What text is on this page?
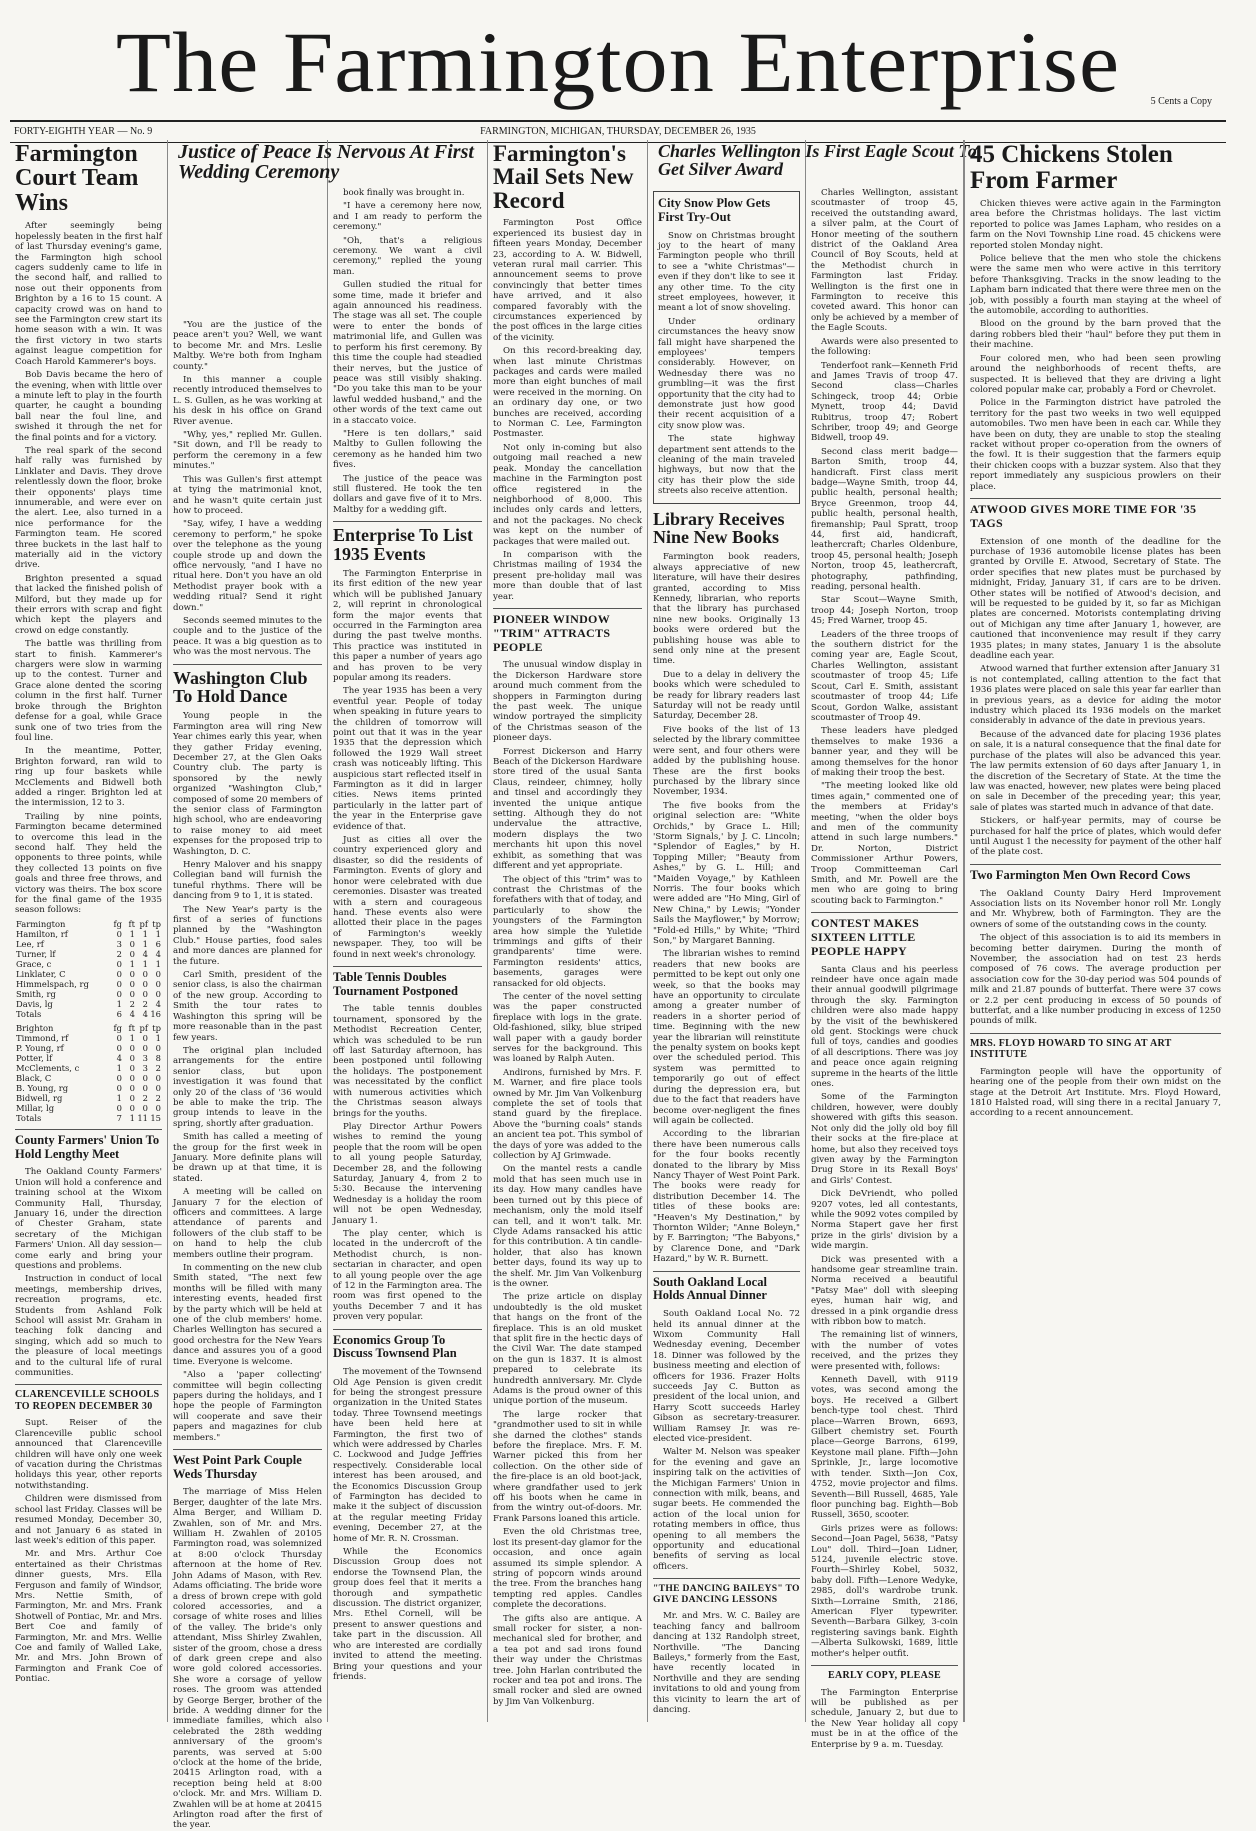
The Farmington Enterprise	5 Cents a Copy
FORTY-EIGHTH YEAR — No. 9	FARMINGTON, MICHIGAN, THURSDAY, DECEMBER 26, 1935
Farmington Court Team Wins

After seemingly being hopelessly beaten in the first half of last Thursday evening's game, the Farmington high school cagers suddenly came to life in the second half, and rallied to nose out their opponents from Brighton by a 16 to 15 count. A capacity crowd was on hand to see the Farmington crew start its home season with a win. It was the first victory in two starts against league competition for Coach Harold Kammerer's boys.

Bob Davis became the hero of the evening, when with little over a minute left to play in the fourth quarter, he caught a bounding ball near the foul line, and swished it through the net for the final points and for a victory.

The real spark of the second half rally was furnished by Linklater and Davis. They drove relentlessly down the floor, broke their opponents' plays time innumerable, and were ever on the alert. Lee, also turned in a nice performance for the Farmington team. He scored three buckets in the last half to materially aid in the victory drive.

Brighton presented a squad that lacked the finished polish of Milford, but they made up for their errors with scrap and fight which kept the players and crowd on edge constantly.

The battle was thrilling from start to finish. Kammerer's chargers were slow in warming up to the contest. Turner and Grace alone dented the scoring column in the first half. Turner broke through the Brighton defense for a goal, while Grace sunk one of two tries from the foul line.

In the meantime, Potter, Brighton forward, ran wild to ring up four baskets while McClements and Bidwell both added a ringer. Brighton led at the intermission, 12 to 3.

Trailing by nine points, Farmington became determined to overcome this lead in the second half. They held the opponents to three points, while they collected 13 points on five goals and three free throws, and victory was theirs. The box score for the final game of the 1935 season follows:

Farmington	fg	ft	pf	tp
Hamilton, rf	0	1	1	1
Lee, rf	3	0	1	6
Turner, lf	2	0	4	4
Grace, c	0	1	1	1
Linklater, C	0	0	0	0
Himmelspach, rg	0	0	0	0
Smith, rg	0	0	0	0
Davis, lg	1	2	2	4
Totals	6	4	4	16
Brighton	fg	ft	pf	tp
Timmond, rf	0	1	0	1
P. Young, rf	0	0	0	0
Potter, lf	4	0	3	8
McClements, c	1	0	3	2
Black, C	0	0	0	0
B. Young, rg	0	0	0	0
Bidwell, rg	1	0	2	2
Millar, lg	0	0	0	0
Totals	7	1	11	15
County Farmers' Union To Hold Lengthy Meet

The Oakland County Farmers' Union will hold a conference and training school at the Wixom Community Hall, Thursday, January 16, under the direction of Chester Graham, state secretary of the Michigan Farmers' Union. All day session—come early and bring your questions and problems.

Instruction in conduct of local meetings, membership drives, recreation programs, etc. Students from Ashland Folk School will assist Mr. Graham in teaching folk dancing and singing, which add so much to the pleasure of local meetings and to the cultural life of rural communities.

CLARENCEVILLE SCHOOLS TO REOPEN DECEMBER 30

Supt. Reiser of the Clarenceville public school announced that Clarenceville children will have only one week of vacation during the Christmas holidays this year, other reports notwithstanding.

Children were dismissed from school last Friday. Classes will be resumed Monday, December 30, and not January 6 as stated in last week's edition of this paper.

Mr. and Mrs. Arthur Coe entertained as their Christmas dinner guests, Mrs. Ella Ferguson and family of Windsor, Mrs. Nettie Smith, of Farmington, Mr. and Mrs. Frank Shotwell of Pontiac, Mr. and Mrs. Bert Coe and family of Farmington, Mr. and Mrs. Wellie Coe and family of Walled Lake, Mr. and Mrs. John Brown of Farmington and Frank Coe of Pontiac.

"You are the justice of the peace aren't you? Well, we want to become Mr. and Mrs. Leslie Maltby. We're both from Ingham county."

In this manner a couple recently introduced themselves to L. S. Gullen, as he was working at his desk in his office on Grand River avenue.

"Why, yes," replied Mr. Gullen. "Sit down, and I'll be ready to perform the ceremony in a few minutes."

This was Gullen's first attempt at tying the matrimonial knot, and he wasn't quite certain just how to proceed.

"Say, wifey, I have a wedding ceremony to perform," he spoke over the telephone as the young couple strode up and down the office nervously, "and I have no ritual here. Don't you have an old Methodist prayer book with a wedding ritual? Send it right down."

Seconds seemed minutes to the couple and to the justice of the peace. It was a big question as to who was the most nervous. The

Washington Club To Hold Dance

Young people in the Farmington area will ring New Year chimes early this year, when they gather Friday evening, December 27, at the Glen Oaks Country club. The party is sponsored by the newly organized "Washington Club," composed of some 20 members of the senior class of Farmington high school, who are endeavoring to raise money to aid meet expenses for the proposed trip to Washington, D. C.

Henry Malover and his snappy Collegian band will furnish the tuneful rhythms. There will be dancing from 9 to 1, it is stated.

The New Year's party is the first of a series of functions planned by the "Washington Club." House parties, food sales and more dances are planned for the future.

Carl Smith, president of the senior class, is also the chairman of the new group. According to Smith the tour rates to Washington this spring will be more reasonable than in the past few years.

The original plan included arrangements for the entire senior class, but upon investigation it was found that only 20 of the class of '36 would be able to make the trip. The group intends to leave in the spring, shortly after graduation.

Smith has called a meeting of the group for the first week in January. More definite plans will be drawn up at that time, it is stated.

A meeting will be called on January 7 for the election of officers and committees. A large attendance of parents and followers of the club staff to be on hand to help the club members outline their program.

In commenting on the new club Smith stated, "The next few months will be filled with many interesting events, headed first by the party which will be held at one of the club members' home. Charles Wellington has secured a good orchestra for the New Years dance and assures you of a good time. Everyone is welcome.

"Also a 'paper collecting' committee will begin collecting papers during the holidays, and I hope the people of Farmington will cooperate and save their papers and magazines for club members."

West Point Park Couple Weds Thursday

The marriage of Miss Helen Berger, daughter of the late Mrs. Alma Berger, and William D. Zwahlen, son of Mr. and Mrs. William H. Zwahlen of 20105 Farmington road, was solemnized at 8:00 o'clock Thursday afternoon at the home of Rev. John Adams of Mason, with Rev. Adams officiating. The bride wore a dress of brown crepe with gold colored accessories, and a corsage of white roses and lilies of the valley. The bride's only attendant, Miss Shirley Zwahlen, sister of the groom, chose a dress of dark green crepe and also wore gold colored accessories. She wore a corsage of yellow roses. The groom was attended by George Berger, brother of the bride. A wedding dinner for the immediate families, which also celebrated the 28th wedding anniversary of the groom's parents, was served at 5:00 o'clock at the home of the bride, 20415 Arlington road, with a reception being held at 8:00 o'clock. Mr. and Mrs. William D. Zwahlen will be at home at 20415 Arlington road after the first of the year.

Justice of Peace Is Nervous At First Wedding Ceremony

book finally was brought in.

"I have a ceremony here now, and I am ready to perform the ceremony."

"Oh, that's a religious ceremony. We want a civil ceremony," replied the young man.

Gullen studied the ritual for some time, made it briefer and again announced his readiness. The stage was all set. The couple were to enter the bonds of matrimonial life, and Gullen was to perform his first ceremony. By this time the couple had steadied their nerves, but the justice of peace was still visibly shaking. "Do you take this man to be your lawful wedded husband," and the other words of the text came out in a staccato voice.

"Here is ten dollars," said Maltby to Gullen following the ceremony as he handed him two fives.

The justice of the peace was still flustered. He took the ten dollars and gave five of it to Mrs. Maltby for a wedding gift.

Enterprise To List 1935 Events

The Farmington Enterprise in its first edition of the new year which will be published January 2, will reprint in chronological form the major events that occurred in the Farmington area during the past twelve months. This practice was instituted in this paper a number of years ago and has proven to be very popular among its readers.

The year 1935 has been a very eventful year. People of today when speaking in future years to the children of tomorrow will point out that it was in the year 1935 that the depression which followed the 1929 Wall street crash was noticeably lifting. This auspicious start reflected itself in Farmington as it did in larger cities. News items printed particularly in the latter part of the year in the Enterprise gave evidence of that.

Just as cities all over the country experienced glory and disaster, so did the residents of Farmington. Events of glory and honor were celebrated with due ceremonies. Disaster was treated with a stern and courageous hand. These events also were allotted their place in the pages of Farmington's weekly newspaper. They, too will be found in next week's chronology.

Table Tennis Doubles Tournament Postponed

The table tennis doubles tournament, sponsored by the Methodist Recreation Center, which was scheduled to be run off last Saturday afternoon, has been postponed until following the holidays. The postponement was necessitated by the conflict with numerous activities which the Christmas season always brings for the youths.

Play Director Arthur Powers wishes to remind the young people that the room will be open to all young people Saturday, December 28, and the following Saturday, January 4, from 2 to 5:30. Because the intervening Wednesday is a holiday the room will not be open Wednesday, January 1.

The play center, which is located in the undercroft of the Methodist church, is non-sectarian in character, and open to all young people over the age of 12 in the Farmington area. The room was first opened to the youths December 7 and it has proven very popular.

Economics Group To Discuss Townsend Plan

The movement of the Townsend Old Age Pension is given credit for being the strongest pressure organization in the United States today. Three Townsend meetings have been held here at Farmington, the first two of which were addressed by Charles C. Lockwood and Judge Jeffries respectively. Considerable local interest has been aroused, and the Economics Discussion Group of Farmington has decided to make it the subject of discussion at the regular meeting Friday evening, December 27, at the home of Mr. R. N. Crossman.

While the Economics Discussion Group does not endorse the Townsend Plan, the group does feel that it merits a thorough and sympathetic discussion. The district organizer, Mrs. Ethel Cornell, will be present to answer questions and take part in the discussion. All who are interested are cordially invited to attend the meeting. Bring your questions and your friends.

Farmington's Mail Sets New Record

Farmington Post Office experienced its busiest day in fifteen years Monday, December 23, according to A. W. Bidwell, veteran rural mail carrier. This announcement seems to prove convincingly that better times have arrived, and it also compared favorably with the circumstances experienced by the post offices in the large cities of the vicinity.

On this record-breaking day, when last minute Christmas packages and cards were mailed more than eight bunches of mail were received in the morning. On an ordinary day one, or two bunches are received, according to Norman C. Lee, Farmington Postmaster.

Not only in-coming but also outgoing mail reached a new peak. Monday the cancellation machine in the Farmington post office registered in the neighborhood of 8,000. This includes only cards and letters, and not the packages. No check was kept on the number of packages that were mailed out.

In comparison with the Christmas mailing of 1934 the present pre-holiday mail was more than double that of last year.

PIONEER WINDOW "TRIM" ATTRACTS PEOPLE

The unusual window display in the Dickerson Hardware store around much comment from the shoppers in Farmington during the past week. The unique window portrayed the simplicity of the Christmas season of the pioneer days.

Forrest Dickerson and Harry Beach of the Dickerson Hardware store tired of the usual Santa Claus, reindeer, chimney, holly and tinsel and accordingly they invented the unique antique setting. Although they do not undervalue the attractive, modern displays the two merchants hit upon this novel exhibit, as something that was different and yet appropriate.

The object of this "trim" was to contrast the Christmas of the forefathers with that of today, and particularly to show the youngsters of the Farmington area how simple the Yuletide trimmings and gifts of their grandparents' time were. Farmington residents' attics, basements, garages were ransacked for old objects.

The center of the novel setting was the paper constructed fireplace with logs in the grate. Old-fashioned, silky, blue striped wall paper with a gaudy border serves for the background. This was loaned by Ralph Auten.

Andirons, furnished by Mrs. F. M. Warner, and fire place tools owned by Mr. Jim Van Volkenburg complete the set of tools that stand guard by the fireplace. Above the "burning coals" stands an ancient tea pot. This symbol of the days of yore was added to the collection by AJ Grimwade.

On the mantel rests a candle mold that has seen much use in its day. How many candles have been turned out by this piece of mechanism, only the mold itself can tell, and it won't talk. Mr. Clyde Adams ransacked his attic for this contribution. A tin candle-holder, that also has known better days, found its way up to the shelf. Mr. Jim Van Volkenburg is the owner.

The prize article on display undoubtedly is the old musket that hangs on the front of the fireplace. This is an old musket that split fire in the hectic days of the Civil War. The date stamped on the gun is 1837. It is almost prepared to celebrate its hundredth anniversary. Mr. Clyde Adams is the proud owner of this unique portion of the museum.

The large rocker that "grandmother used to sit in while she darned the clothes" stands before the fireplace. Mrs. F. M. Warner picked this from her collection. On the other side of the fire-place is an old boot-jack, where grandfather used to jerk off his boots when he came in from the wintry out-of-doors. Mr. Frank Parsons loaned this article.

Even the old Christmas tree, lost its present-day glamor for the occasion, and once again assumed its simple splendor. A string of popcorn winds around the tree. From the branches hang tempting red apples. Candles complete the decorations.

The gifts also are antique. A small rocker for sister, a non-mechanical sled for brother, and a tea pot and sad irons found their way under the Christmas tree. John Harlan contributed the rocker and tea pot and irons. The small rocker and sled are owned by Jim Van Volkenburg.

City Snow Plow Gets First Try-Out

Snow on Christmas brought joy to the heart of many Farmington people who thrill to see a "white Christmas"—even if they don't like to see it any other time. To the city street employees, however, it meant a lot of snow shoveling.

Under ordinary circumstances the heavy snow fall might have sharpened the employees' tempers considerably. However, on Wednesday there was no grumbling—it was the first opportunity that the city had to demonstrate just how good their recent acquisition of a city snow plow was.

The state highway department sent attends to the cleaning of the main traveled highways, but now that the city has their plow the side streets also receive attention.

Library Receives Nine New Books

Farmington book readers, always appreciative of new literature, will have their desires granted, according to Miss Kennedy, librarian, who reports that the library has purchased nine new books. Originally 13 books were ordered but the publishing house was able to send only nine at the present time.

Due to a delay in delivery the books which were scheduled to be ready for library readers last Saturday will not be ready until Saturday, December 28.

Five books of the list of 13 selected by the library committee were sent, and four others were added by the publishing house. These are the first books purchased by the library since November, 1934.

The five books from the original selection are: "White Orchids," by Grace L. Hill; 'Storm Signals,' by J. C. Lincoln; "Splendor of Eagles," by H. Topping Miller; "Beauty from Ashes," by G. L. Hill; and "Maiden Voyage," by Kathleen Norris. The four books which were added are "Ho Ming, Girl of New China," by Lewis; "Yonder Sails the Mayflower," by Morrow; "Fold-ed Hills," by White; "Third Son," by Margaret Banning.

The librarian wishes to remind readers that new books are permitted to be kept out only one week, so that the books may have an opportunity to circulate among a greater number of readers in a shorter period of time. Beginning with the new year the librarian will reinstitute the penalty system on books kept over the scheduled period. This system was permitted to temporarily go out of effect during the depression era, but due to the fact that readers have become over-negligent the fines will again be collected.

According to the librarian there have been numerous calls for the four books recently donated to the library by Miss Nancy Thayer of West Point Park. The books were ready for distribution December 14. The titles of these books are: "Heaven's My Destination," by Thornton Wilder; "Anne Boleyn," by F. Barrington; "The Babyons," by Clarence Done, and "Dark Hazard," by W. R. Burnett.

South Oakland Local Holds Annual Dinner

South Oakland Local No. 72 held its annual dinner at the Wixom Community Hall Wednesday evening, December 18. Dinner was followed by the business meeting and election of officers for 1936. Frazer Holts succeeds Jay C. Button as president of the local union, and Harry Scott succeeds Harley Gibson as secretary-treasurer. William Ramsey Jr. was re-elected vice-president.

Walter M. Nelson was speaker for the evening and gave an inspiring talk on the activities of the Michigan Farmers' Union in connection with milk, beans, and sugar beets. He commended the action of the local union for rotating members in office, thus opening to all members the opportunity and educational benefits of serving as local officers.

"THE DANCING BAILEYS" TO GIVE DANCING LESSONS

Mr. and Mrs. W. C. Bailey are teaching fancy and ballroom dancing at 132 Randolph street, Northville. "The Dancing Baileys," formerly from the East, have recently located in Northville and they are sending invitations to old and young from this vicinity to learn the art of dancing.

Charles Wellington Is First Eagle Scout To Get Silver Award

Charles Wellington, assistant scoutmaster of troop 45, received the outstanding award, a silver palm, at the Court of Honor meeting of the southern district of the Oakland Area Council of Boy Scouts, held at the Methodist church in Farmington last Friday. Wellington is the first one in Farmington to receive this coveted award. This honor can only be achieved by a member of the Eagle Scouts.

Awards were also presented to the following:

Tenderfoot rank—Kenneth Frid and James Travis of troop 47. Second class—Charles Schingeck, troop 44; Orbie Mynett, troop 44; David Rubitrus, troop 47; Robert Schriber, troop 49; and George Bidwell, troop 49.

Second class merit badge—Barton Smith, troop 44, handicraft. First class merit badge—Wayne Smith, troop 44, public health, personal health; Bryce Greenmon, troop 44, public health, personal health, firemanship; Paul Spratt, troop 44, first aid, handicraft, leathercraft; Charles Oldenbure, troop 45, personal health; Joseph Norton, troop 45, leathercraft, photography, pathfinding, reading, personal health.

Star Scout—Wayne Smith, troop 44; Joseph Norton, troop 45; Fred Warner, troop 45.

Leaders of the three troops of the southern district for the coming year are, Eagle Scout, Charles Wellington, assistant scoutmaster of troop 45; Life Scout, Carl E. Smith, assistant scoutmaster of troop 44; Life Scout, Gordon Walke, assistant scoutmaster of Troop 49.

These leaders have pledged themselves to make 1936 a banner year, and they will be among themselves for the honor of making their troop the best.

"The meeting looked like old times again," commented one of the members at Friday's meeting, "when the older boys and men of the community attend in such large numbers." Dr. Norton, District Commissioner Arthur Powers, Troop Committeeman Carl Smith, and Mr. Powell are the men who are going to bring scouting back to Farmington."

CONTEST MAKES SIXTEEN LITTLE PEOPLE HAPPY

Santa Claus and his peerless reindeer have once again made their annual goodwill pilgrimage through the sky. Farmington children were also made happy by the visit of the bewhiskered old gent. Stockings were chuck full of toys, candies and goodies of all descriptions. There was joy and peace once again reigning supreme in the hearts of the little ones.

Some of the Farmington children, however, were doubly showered with gifts this season. Not only did the jolly old boy fill their socks at the fire-place at home, but also they received toys given away by the Farmington Drug Store in its Rexall Boys' and Girls' Contest.

Dick DeVriendt, who polled 9207 votes, led all contestants, while the 9092 votes compiled by Norma Stapert gave her first prize in the girls' division by a wide margin.

Dick was presented with a handsome gear streamline train. Norma received a beautiful "Patsy Mae" doll with sleeping eyes, human hair wig, and dressed in a pink organdie dress with ribbon bow to match.

The remaining list of winners, with the number of votes received, and the prizes they were presented with, follows:

Kenneth Davell, with 9119 votes, was second among the boys. He received a Gilbert bench-type tool chest. Third place—Warren Brown, 6693, Gilbert chemistry set. Fourth place—George Barrons, 6199, Keystone mail plane. Fifth—John Sprinkle, Jr., large locomotive with tender. Sixth—Jon Cox, 4752, movie projector and films. Seventh—Bill Russell, 4685, Yale floor punching bag. Eighth—Bob Russell, 3650, scooter.

Girls prizes were as follows: Second—Joan Pagel, 5638, "Patsy Lou" doll. Third—Joan Lidner, 5124, juvenile electric stove. Fourth—Shirley Kobel, 5032, baby doll. Fifth—Lenore Wedyke, 2985, doll's wardrobe trunk. Sixth—Lorraine Smith, 2186, American Flyer typewriter. Seventh—Barbara Gilkey, 3-coin registering savings bank. Eighth—Alberta Sulkowski, 1689, little mother's helper outfit.

EARLY COPY, PLEASE

The Farmington Enterprise will be published as per schedule, January 2, but due to the New Year holiday all copy must be in at the office of the Enterprise by 9 a. m. Tuesday.

45 Chickens Stolen From Farmer

Chicken thieves were active again in the Farmington area before the Christmas holidays. The last victim reported to police was James Lapham, who resides on a farm on the Novi Township Line road. 45 chickens were reported stolen Monday night.

Police believe that the men who stole the chickens were the same men who were active in this territory before Thanksgiving. Tracks in the snow leading to the Lapham barn indicated that there were three men on the job, with possibly a fourth man staying at the wheel of the automobile, according to authorities.

Blood on the ground by the barn proved that the daring robbers bled their "haul" before they put them in their machine.

Four colored men, who had been seen prowling around the neighborhoods of recent thefts, are suspected. It is believed that they are driving a light colored popular make car, probably a Ford or Chevrolet.

Police in the Farmington district have patroled the territory for the past two weeks in two well equipped automobiles. Two men have been in each car. While they have been on duty, they are unable to stop the stealing racket without proper co-operation from the owners of the fowl. It is their suggestion that the farmers equip their chicken coops with a buzzar system. Also that they report immediately any suspicious prowlers on their place.

ATWOOD GIVES MORE TIME FOR '35 TAGS

Extension of one month of the deadline for the purchase of 1936 automobile license plates has been granted by Orville E. Atwood, Secretary of State. The order specifies that new plates must be purchased by midnight, Friday, January 31, if cars are to be driven. Other states will be notified of Atwood's decision, and will be requested to be guided by it, so far as Michigan plates are concerned. Motorists contemplating driving out of Michigan any time after January 1, however, are cautioned that inconvenience may result if they carry 1935 plates; in many states, January 1 is the absolute deadline each year.

Atwood warned that further extension after January 31 is not contemplated, calling attention to the fact that 1936 plates were placed on sale this year far earlier than in previous years, as a device for aiding the motor industry which placed its 1936 models on the market considerably in advance of the date in previous years.

Because of the advanced date for placing 1936 plates on sale, it is a natural consequence that the final date for purchase of the plates will also be advanced this year. The law permits extension of 60 days after January 1, in the discretion of the Secretary of State. At the time the law was enacted, however, new plates were being placed on sale in December of the preceding year; this year, sale of plates was started much in advance of that date.

Stickers, or half-year permits, may of course be purchased for half the price of plates, which would defer until August 1 the necessity for payment of the other half of the plate cost.

Two Farmington Men Own Record Cows

The Oakland County Dairy Herd Improvement Association lists on its November honor roll Mr. Longly and Mr. Whybrew, both of Farmington. They are the owners of some of the outstanding cows in the county.

The object of this association is to aid its members in becoming better dairymen. During the month of November, the association had on test 23 herds composed of 76 cows. The average production per association cow for the 30-day period was 504 pounds of milk and 21.87 pounds of butterfat. There were 37 cows or 2.2 per cent producing in excess of 50 pounds of butterfat, and a like number producing in excess of 1250 pounds of milk.

MRS. FLOYD HOWARD TO SING AT ART INSTITUTE

Farmington people will have the opportunity of hearing one of the people from their own midst on the stage at the Detroit Art Institute. Mrs. Floyd Howard, 1810 Halsted road, will sing there in a recital January 7, according to a recent announcement.
